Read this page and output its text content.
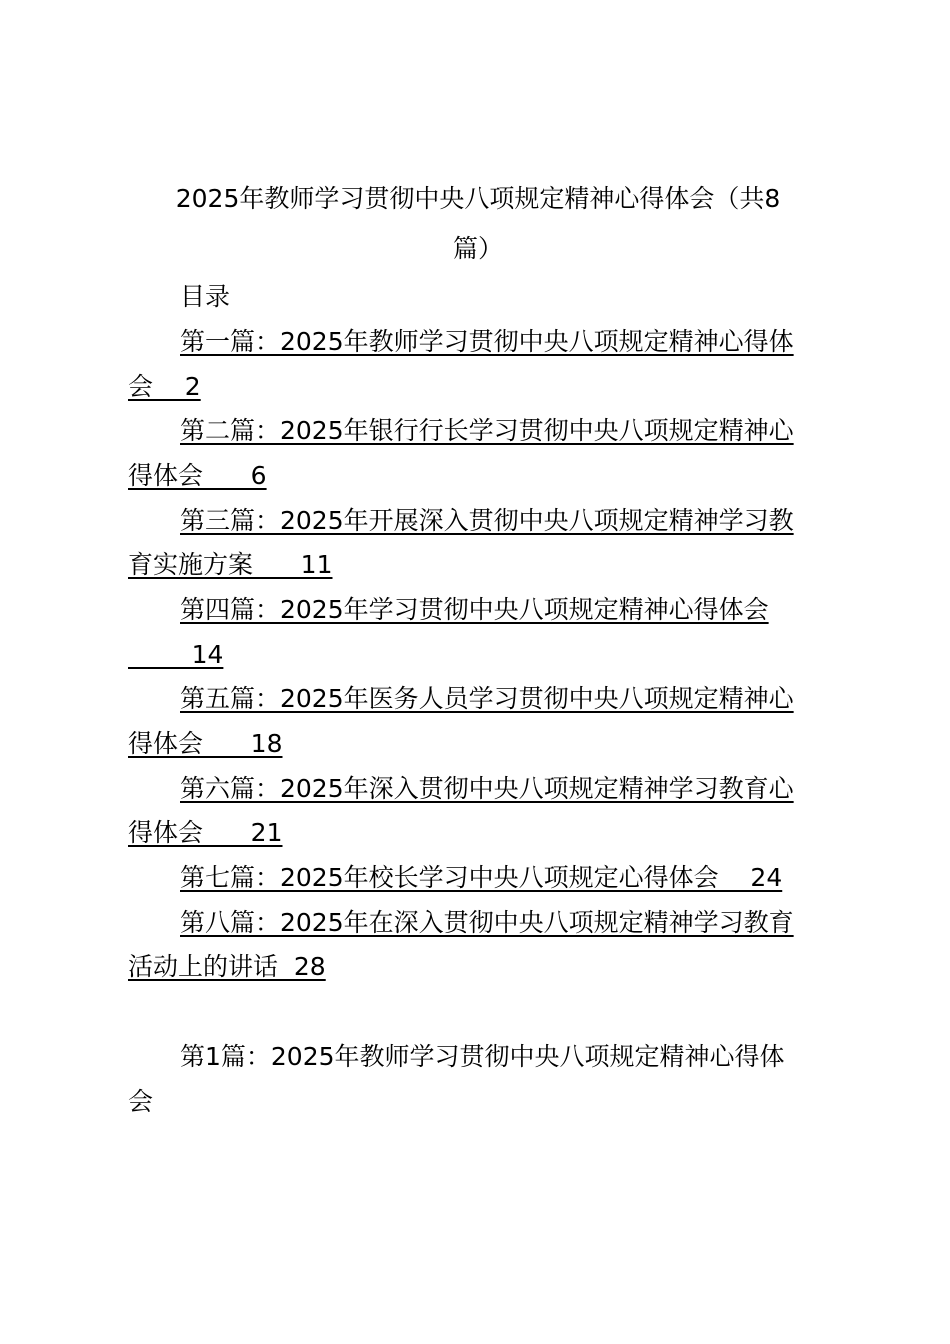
2025年教师学习贯彻中央八项规定精神心得体会（共8
篇）
目录
第一篇：2025年教师学习贯彻中央八项规定精神心得体
会    2
第二篇：2025年银行行长学习贯彻中央八项规定精神心
得体会      6
第三篇：2025年开展深入贯彻中央八项规定精神学习教
育实施方案      11
第四篇：2025年学习贯彻中央八项规定精神心得体会
14
第五篇：2025年医务人员学习贯彻中央八项规定精神心
得体会      18
第六篇：2025年深入贯彻中央八项规定精神学习教育心
得体会      21
第七篇：2025年校长学习中央八项规定心得体会    24
第八篇：2025年在深入贯彻中央八项规定精神学习教育
活动上的讲话  28
第1篇：2025年教师学习贯彻中央八项规定精神心得体
会
